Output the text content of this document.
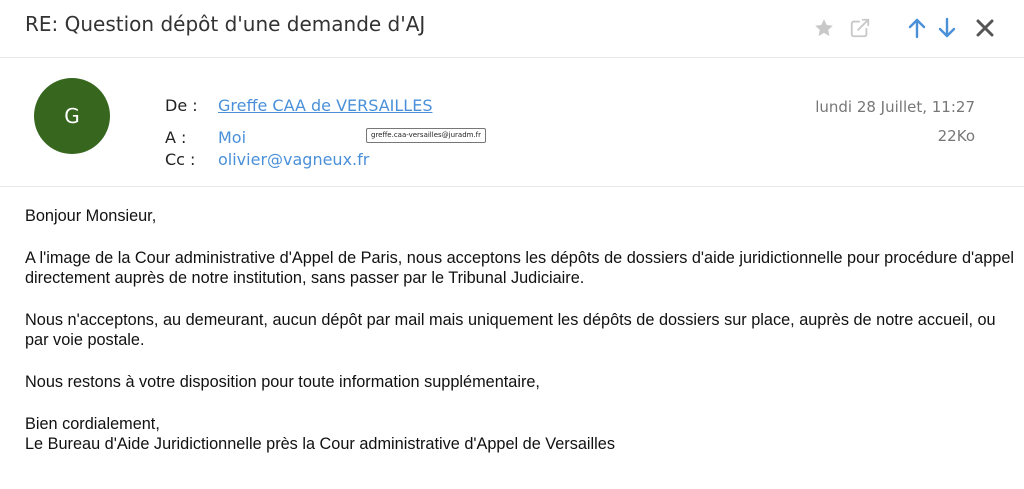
RE: Question dépôt d'une demande d'AJ
G	De : Greffe CAA de VERSAILLES
A : Moi
Cc : olivier@vagneux.fr
greffe.caa-versailles@juradm.fr
lundi 28 Juillet, 11:27
22Ko

Bonjour Monsieur,

A l'image de la Cour administrative d'Appel de Paris, nous acceptons les dépôts de dossiers d'aide juridictionnelle pour procédure d'appel directement auprès de notre institution, sans passer par le Tribunal Judiciaire.

Nous n'acceptons, au demeurant, aucun dépôt par mail mais uniquement les dépôts de dossiers sur place, auprès de notre accueil, ou par voie postale.

Nous restons à votre disposition pour toute information supplémentaire,

Bien cordialement,
Le Bureau d'Aide Juridictionnelle près la Cour administrative d'Appel de Versailles
